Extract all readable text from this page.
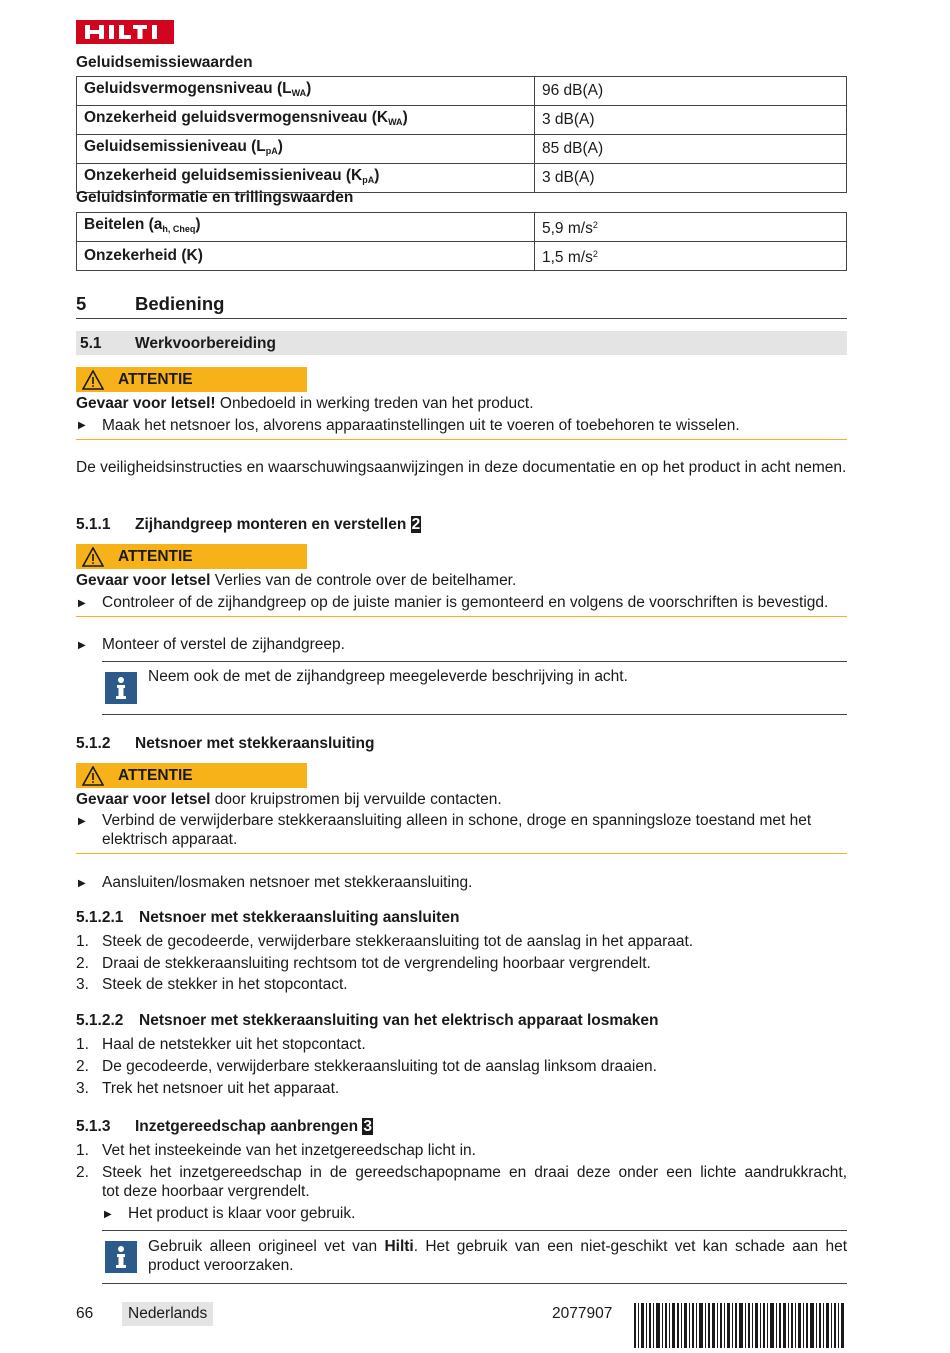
Geluidsemissiewaarden
Geluidsvermogensniveau $(L_{WA})$	96 dB(A)
Onzekerheid geluidsvermogensniveau $(K_{WA})$	3 dB(A)
Geluidsemissieniveau $(L_{pA})$	85 dB(A)
Onzekerheid geluidsemissieniveau $(K_{pA})$	3 dB(A)
Geluidsinformatie en trillingswaarden
Beitelen $(a_{h, Cheq})$	5,9 $m/s^2$
Onzekerheid (K)	1,5 $m/s^2$
5	Bediening
5.1 Werkvoorbereiding
ATTENTIE
Gevaar voor letsel! Onbedoeld in werking treden van het product.
▶ Maak het netsnoer los, alvorens apparaatinstellingen uit te voeren of toebehoren te wisselen.
De veiligheidsinstructies en waarschuwingsaanwijzingen in deze documentatie en op het product in acht nemen.
5.1.1 Zijhandgreep monteren en verstellen 2
ATTENTIE
Gevaar voor letsel Verlies van de controle over de beitelhamer.
▶ Controleer of de zijhandgreep op de juiste manier is gemonteerd en volgens de voorschriften is bevestigd.
▶ Monteer of verstel de zijhandgreep.
Neem ook de met de zijhandgreep meegeleverde beschrijving in acht.
5.1.2 Netsnoer met stekkeraansluiting
ATTENTIE
Gevaar voor letsel door kruipstromen bij vervuilde contacten.
▶ Verbind de verwijderbare stekkeraansluiting alleen in schone, droge en spanningsloze toestand met het
elektrisch apparaat.
▶ Aansluiten/losmaken netsnoer met stekkeraansluiting.
5.1.2.1 Netsnoer met stekkeraansluiting aansluiten
1. Steek de gecodeerde, verwijderbare stekkeraansluiting tot de aanslag in het apparaat.
2. Draai de stekkeraansluiting rechtsom tot de vergrendeling hoorbaar vergrendelt.
3. Steek de stekker in het stopcontact.
5.1.2.2 Netsnoer met stekkeraansluiting van het elektrisch apparaat losmaken
1. Haal de netstekker uit het stopcontact.
2. De gecodeerde, verwijderbare stekkeraansluiting tot de aanslag linksom draaien.
3. Trek het netsnoer uit het apparaat.
5.1.3 Inzetgereedschap aanbrengen 3
1. Vet het insteekeinde van het inzetgereedschap licht in.
2. Steek het inzetgereedschap in de gereedschapopname en draai deze onder een lichte aandrukkracht,
tot deze hoorbaar vergrendelt.
▶ Het product is klaar voor gebruik.
Gebruik alleen origineel vet van Hilti. Het gebruik van een niet-geschikt vet kan schade aan het
product veroorzaken.
66	Nederlands	2077907
